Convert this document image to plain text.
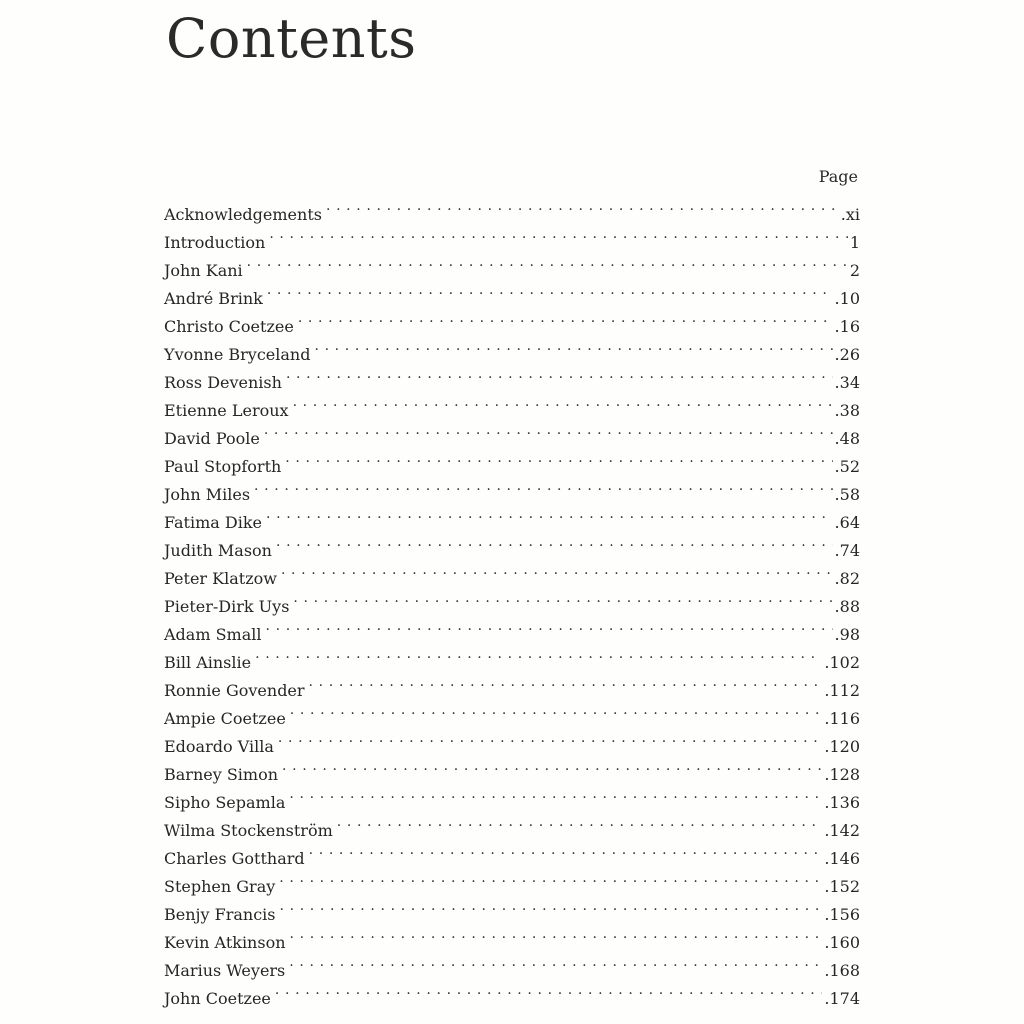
Contents
Page
Acknowledgements . . .	.xi
Introduction . . .	1
John Kani . . .	2
André Brink . . .	.10
Christo Coetzee . . .	.16
Yvonne Bryceland . . .	.26
Ross Devenish . . .	.34
Etienne Leroux . . .	.38
David Poole . . .	.48
Paul Stopforth . . .	.52
John Miles . . .	.58
Fatima Dike . . .	.64
Judith Mason . . .	.74
Peter Klatzow . . .	.82
Pieter-Dirk Uys . . .	.88
Adam Small . . .	.98
Bill Ainslie . . .	.102
Ronnie Govender . . .	.112
Ampie Coetzee . . .	.116
Edoardo Villa . . .	.120
Barney Simon . . .	.128
Sipho Sepamla . . .	.136
Wilma Stockenström . . .	.142
Charles Gotthard . . .	.146
Stephen Gray . . .	.152
Benjy Francis . . .	.156
Kevin Atkinson . . .	.160
Marius Weyers . . .	.168
John Coetzee . . .	.174
